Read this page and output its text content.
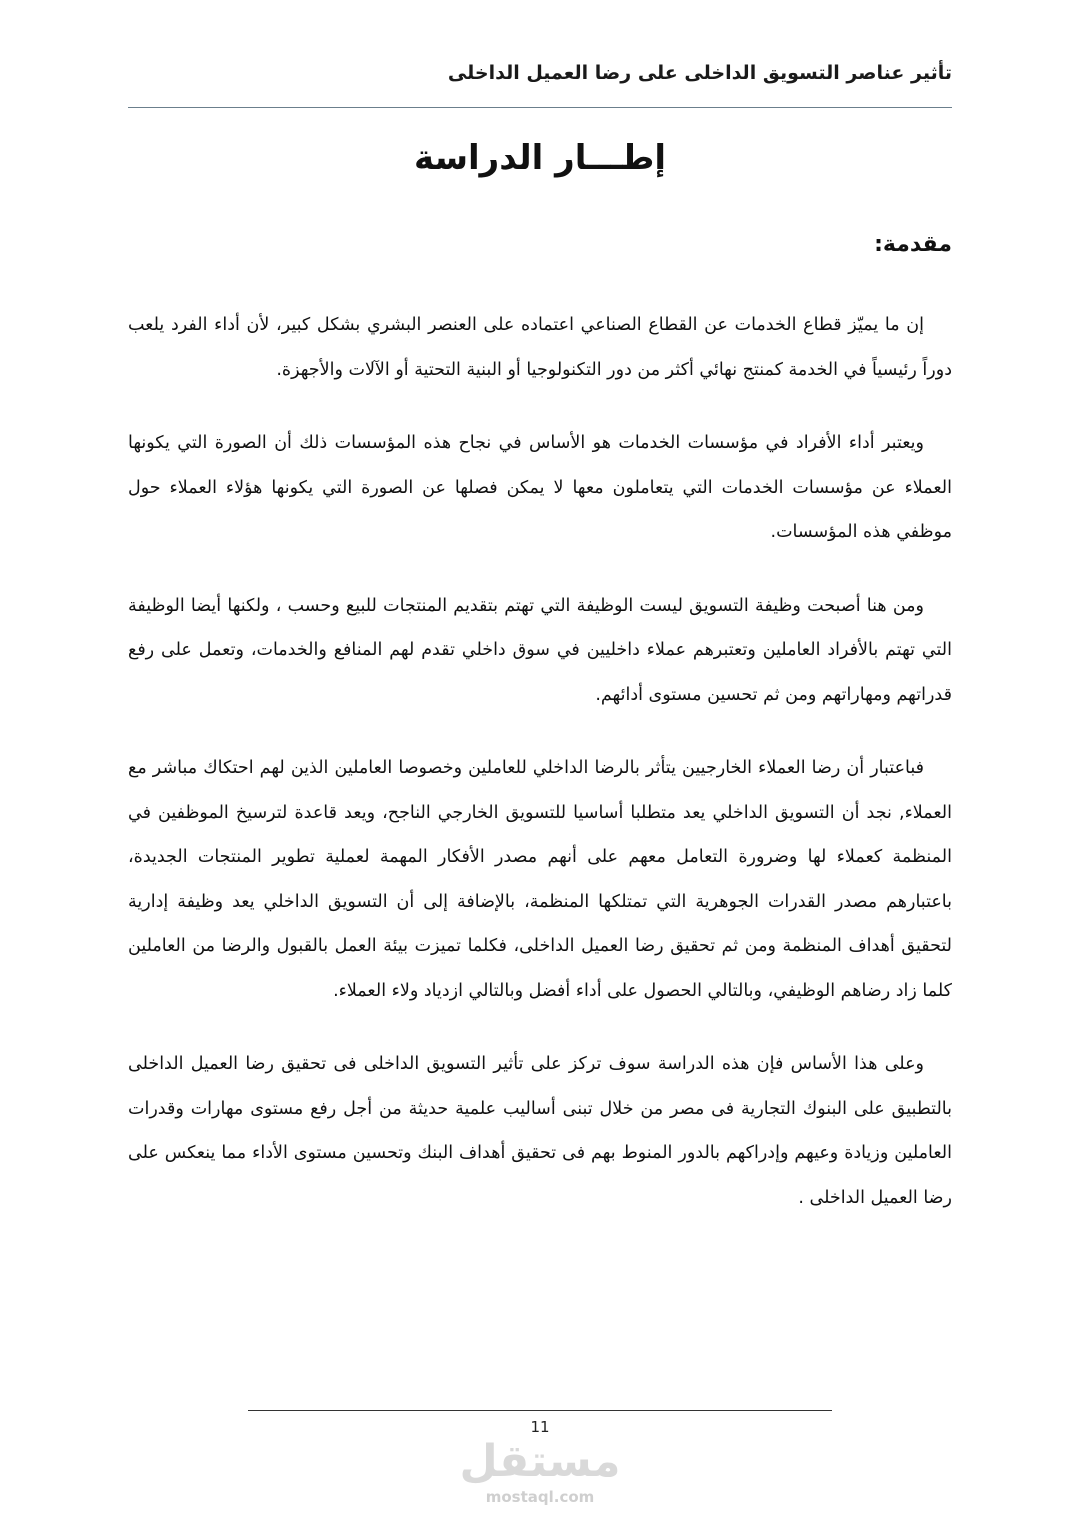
تأثير عناصر التسويق الداخلى على رضا العميل الداخلى
إطـــار الدراسة
مقدمة:

إن ما يميّز قطاع الخدمات عن القطاع الصناعي اعتماده على العنصر البشري بشكل كبير، لأن أداء الفرد يلعب دوراً رئيسياً في الخدمة كمنتج نهائي أكثر من دور التكنولوجيا أو البنية التحتية أو الآلات والأجهزة.

ويعتبر أداء الأفراد في مؤسسات الخدمات هو الأساس في نجاح هذه المؤسسات ذلك أن الصورة التي يكونها العملاء عن مؤسسات الخدمات التي يتعاملون معها لا يمكن فصلها عن الصورة التي يكونها هؤلاء العملاء حول موظفي هذه المؤسسات.

ومن هنا أصبحت وظيفة التسويق ليست الوظيفة التي تهتم بتقديم المنتجات للبيع وحسب ، ولكنها أيضا الوظيفة التي تهتم بالأفراد العاملين وتعتبرهم عملاء داخليين في سوق داخلي تقدم لهم المنافع والخدمات، وتعمل على رفع قدراتهم ومهاراتهم ومن ثم تحسين مستوى أدائهم.

فباعتبار أن رضا العملاء الخارجيين يتأثر بالرضا الداخلي للعاملين وخصوصا العاملين الذين لهم احتكاك مباشر مع العملاء, نجد أن التسويق الداخلي يعد متطلبا أساسيا للتسويق الخارجي الناجح، ويعد قاعدة لترسيخ الموظفين في المنظمة كعملاء لها وضرورة التعامل معهم على أنهم مصدر الأفكار المهمة لعملية تطوير المنتجات الجديدة، باعتبارهم مصدر القدرات الجوهرية التي تمتلكها المنظمة، بالإضافة إلى أن التسويق الداخلي يعد وظيفة إدارية لتحقيق أهداف المنظمة ومن ثم تحقيق رضا العميل الداخلى، فكلما تميزت بيئة العمل بالقبول والرضا من العاملين كلما زاد رضاهم الوظيفي، وبالتالي الحصول على أداء أفضل وبالتالي ازدياد ولاء العملاء.

وعلى هذا الأساس فإن هذه الدراسة سوف تركز على تأثير التسويق الداخلى فى تحقيق رضا العميل الداخلى بالتطبيق على البنوك التجارية فى مصر من خلال تبنى أساليب علمية حديثة من أجل رفع مستوى مهارات وقدرات العاملين وزيادة وعيهم وإدراكهم بالدور المنوط بهم فى تحقيق أهداف البنك وتحسين مستوى الأداء مما ينعكس على رضا العميل الداخلى .

11
مستقل
mostaql.com
